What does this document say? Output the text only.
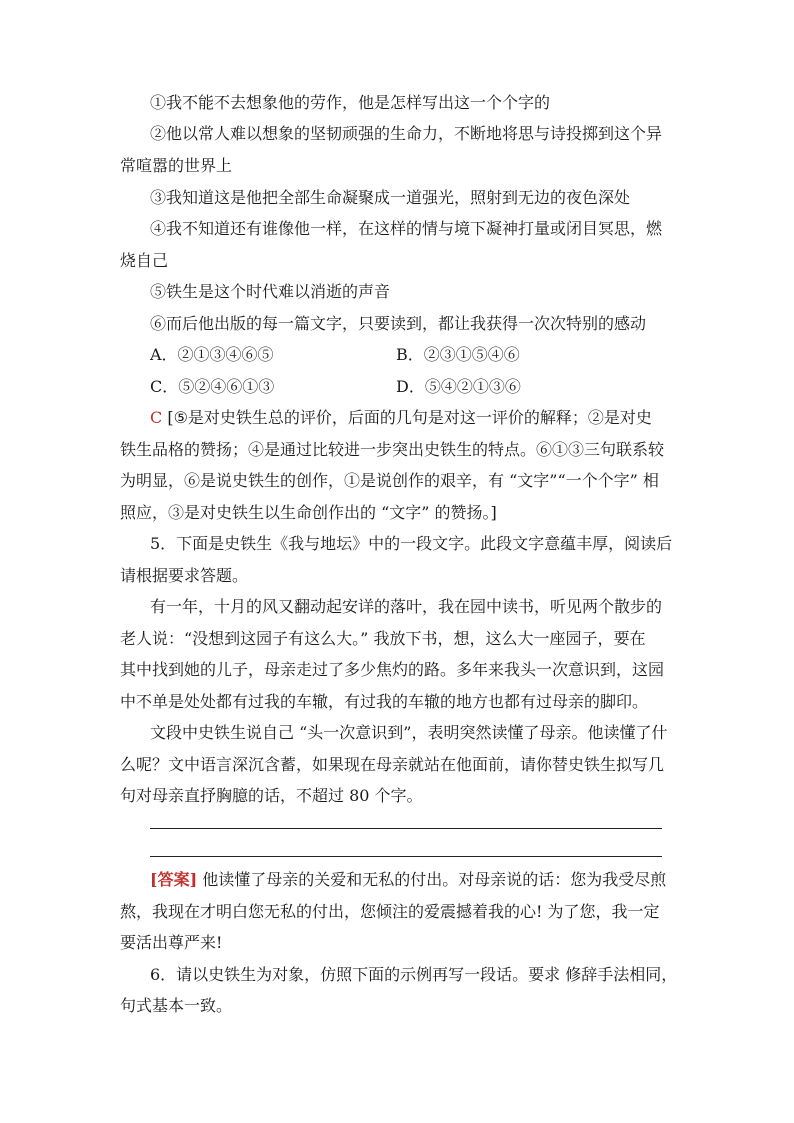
①我不能不去想象他的劳作，他是怎样写出这一个个字的
②他以常人难以想象的坚韧顽强的生命力，不断地将思与诗投掷到这个异
常喧嚣的世界上
③我知道这是他把全部生命凝聚成一道强光，照射到无边的夜色深处
④我不知道还有谁像他一样，在这样的情与境下凝神打量或闭目冥思，燃
烧自己
⑤铁生是这个时代难以消逝的声音
⑥而后他出版的每一篇文字，只要读到，都让我获得一次次特别的感动
A．②①③④⑥⑤	B．②③①⑤④⑥
C．⑤②④⑥①③	D．⑤④②①③⑥
C [⑤是对史铁生总的评价，后面的几句是对这一评价的解释；②是对史
铁生品格的赞扬；④是通过比较进一步突出史铁生的特点。⑥①③三句联系较
为明显，⑥是说史铁生的创作，①是说创作的艰辛，有 “文字”“一个个字” 相
照应，③是对史铁生以生命创作出的 “文字” 的赞扬。]
5．下面是史铁生《我与地坛》中的一段文字。此段文字意蕴丰厚，阅读后
请根据要求答题。
有一年，十月的风又翻动起安详的落叶，我在园中读书，听见两个散步的
老人说：“没想到这园子有这么大。” 我放下书，想，这么大一座园子，要在
其中找到她的儿子，母亲走过了多少焦灼的路。多年来我头一次意识到，这园
中不单是处处都有过我的车辙，有过我的车辙的地方也都有过母亲的脚印。
文段中史铁生说自己 “头一次意识到”，表明突然读懂了母亲。他读懂了什
么呢？文中语言深沉含蓄，如果现在母亲就站在他面前，请你替史铁生拟写几
句对母亲直抒胸臆的话，不超过 80 个字。
[答案] 他读懂了母亲的关爱和无私的付出。对母亲说的话：您为我受尽煎
熬，我现在才明白您无私的付出，您倾注的爱震撼着我的心! 为了您，我一定
要活出尊严来!
6．请以史铁生为对象，仿照下面的示例再写一段话。要求 修辞手法相同，
句式基本一致。
